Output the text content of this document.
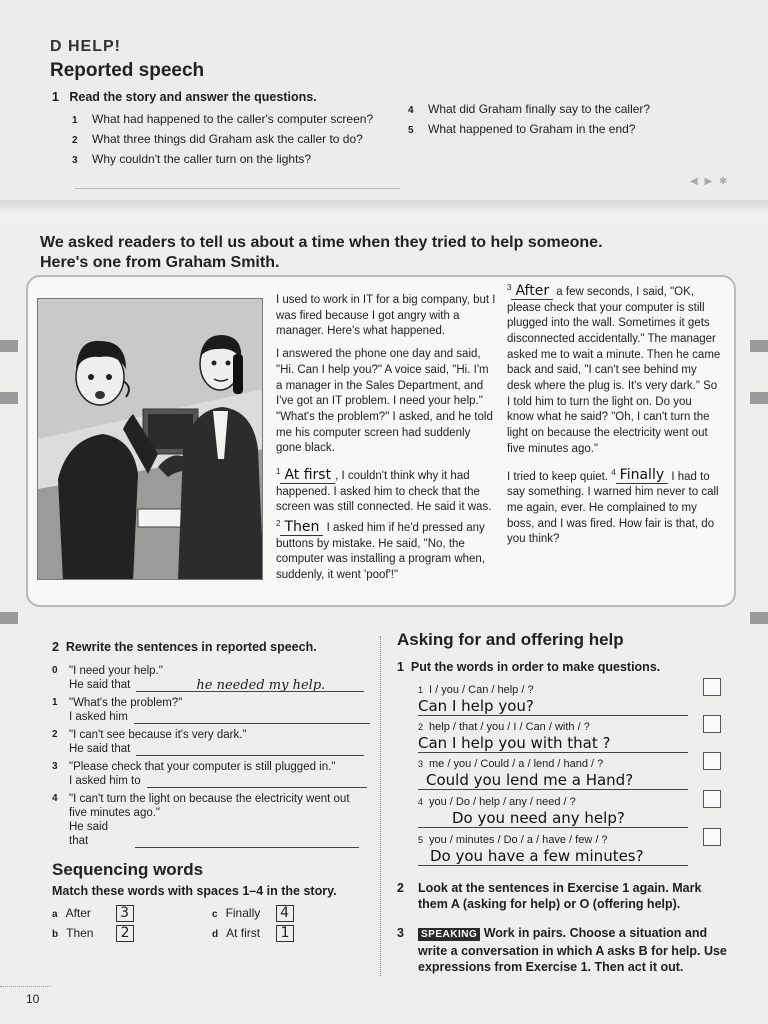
D HELP!
Reported speech
1 Read the story and answer the questions.
1	What had happened to the caller's computer screen?
2	What three things did Graham ask the caller to do?
3	Why couldn't the caller turn on the lights?
4	What did Graham finally say to the caller?
5	What happened to Graham in the end?
◀ ▶ ✱
We asked readers to tell us about a time when they tried to help someone.
Here's one from Graham Smith.

I used to work in IT for a big company, but I was fired because I got angry with a manager. Here's what happened.

I answered the phone one day and said, "Hi. Can I help you?" A voice said, "Hi. I'm a manager in the Sales Department, and I've got an IT problem. I need your help." "What's the problem?" I asked, and he told me his computer screen had suddenly gone black.

$^1$ At first , I couldn't think why it had happened. I asked him to check that the screen was still connected. He said it was. $^2$ Then I asked him if he'd pressed any buttons by mistake. He said, "No, the computer was installing a program when, suddenly, it went 'poof'!"

$^3$ After a few seconds, I said, "OK, please check that your computer is still plugged into the wall. Sometimes it gets disconnected accidentally." The manager asked me to wait a minute. Then he came back and said, "I can't see behind my desk where the plug is. It's very dark." So I told him to turn the light on. Do you know what he said? "Oh, I can't turn the light on because the electricity went out five minutes ago."

I tried to keep quiet. $^4$ Finally I had to say something. I warned him never to call me again, ever. He complained to my boss, and I was fired. How fair is that, do you think?

2 Rewrite the sentences in reported speech.
0 "I need your help."
He said that	he needed my help.
1 "What's the problem?"
I asked him
2 "I can't see because it's very dark."
He said that
3 "Please check that your computer is still plugged in."
I asked him to
4 "I can't turn the light on because the electricity went out five minutes ago."
He said that
Sequencing words
Match these words with spaces 1–4 in the story.
a After 3
b Then 2
c Finally 4
d At first 1
Asking for and offering help
1 Put the words in order to make questions.
1 I / you / Can / help / ?
Can I help you?
2 help / that / you / I / Can / with / ?
Can I help you with that ?
3 me / you / Could / a / lend / hand / ?
Could you lend me a Hand?
4 you / Do / help / any / need / ?
Do you need any help?
5 you / minutes / Do / a / have / few / ?
Do you have a few minutes?
2	Look at the sentences in Exercise 1 again. Mark them A (asking for help) or O (offering help).
3	SPEAKING Work in pairs. Choose a situation and write a conversation in which A asks B for help. Use expressions from Exercise 1. Then act it out.
10
